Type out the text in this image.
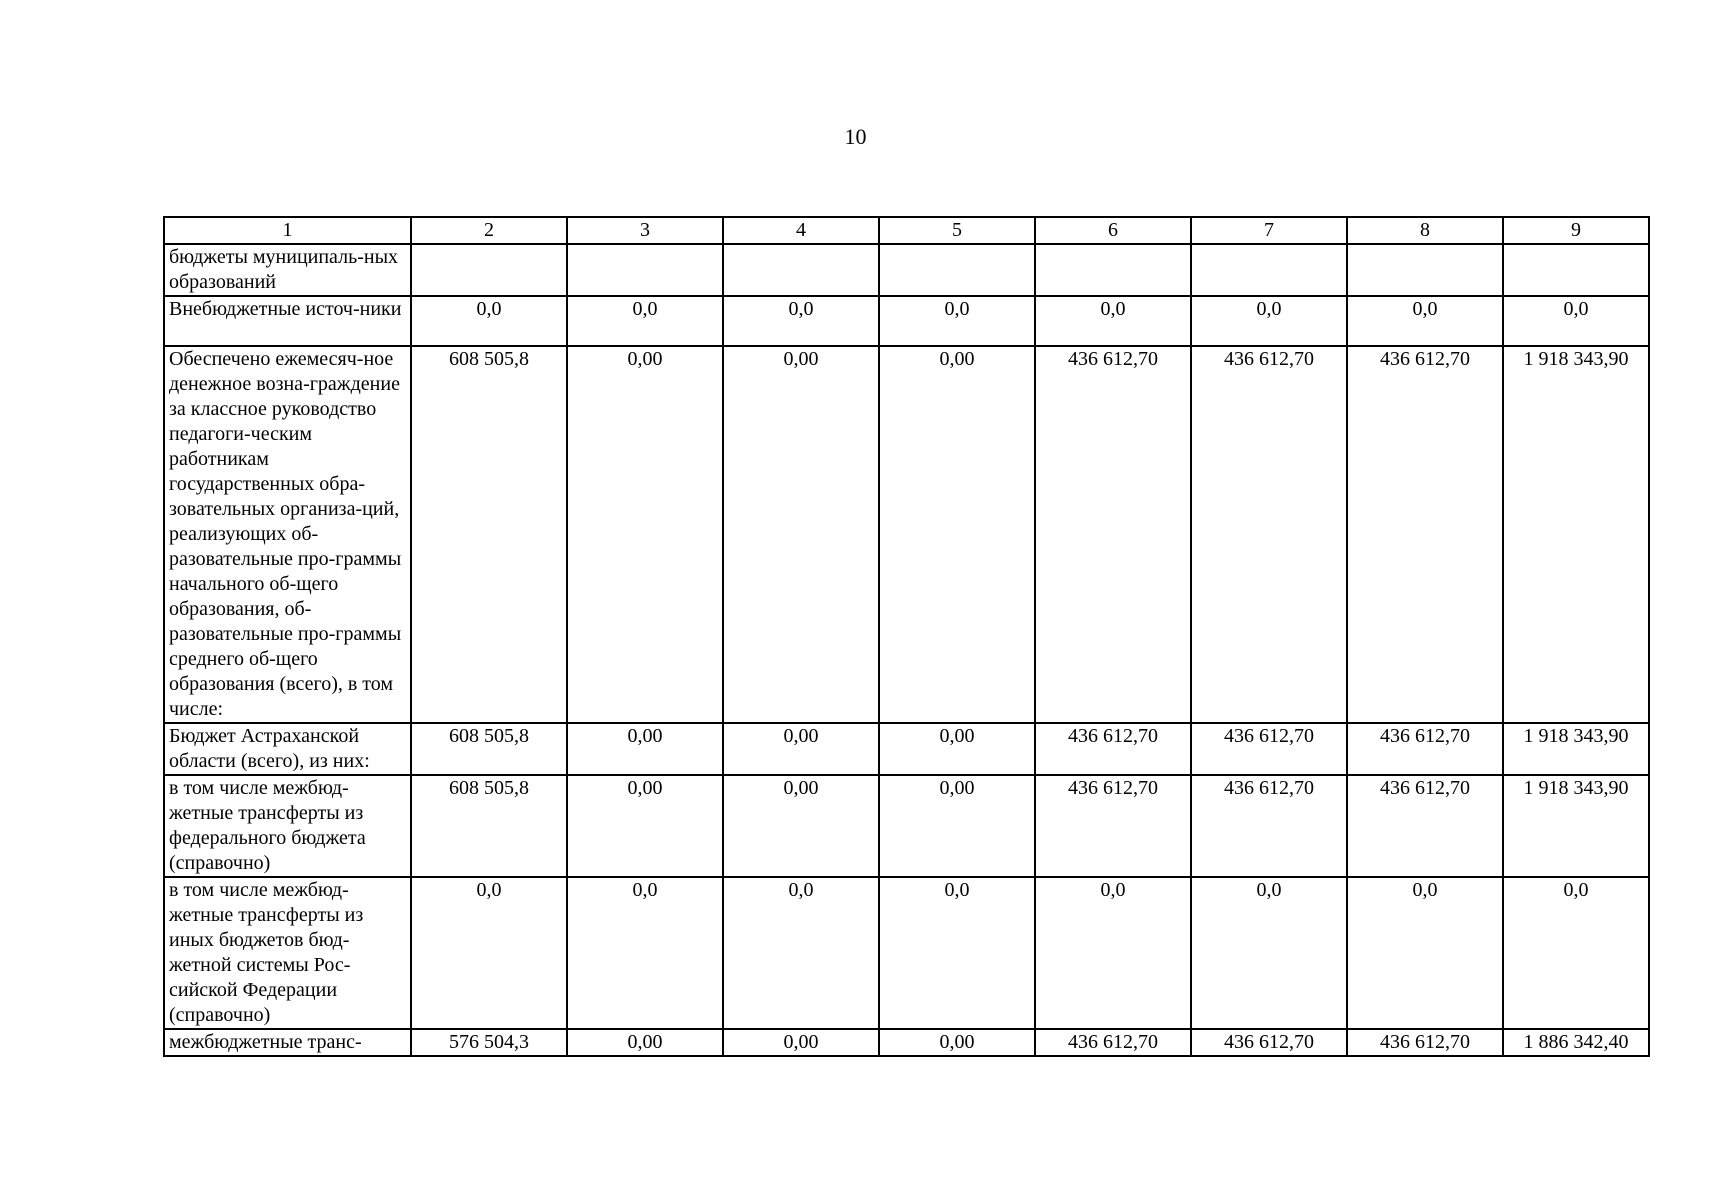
10
1	2	3	4	5	6	7	8	9
бюджеты муниципаль-ных образований								
Внебюджетные источ-ники	0,0	0,0	0,0	0,0	0,0	0,0	0,0	0,0
Обеспечено ежемесяч-ное денежное возна-граждение за классное руководство педагоги-ческим работникам государственных обра-зовательных организа-ций, реализующих об-разовательные про-граммы начального об-щего образования, об-разовательные про-граммы среднего об-щего образования (всего), в том числе:	608 505,8	0,00	0,00	0,00	436 612,70	436 612,70	436 612,70	1 918 343,90
Бюджет Астраханской области (всего), из них:	608 505,8	0,00	0,00	0,00	436 612,70	436 612,70	436 612,70	1 918 343,90
в том числе межбюд-жетные трансферты из федерального бюджета (справочно)	608 505,8	0,00	0,00	0,00	436 612,70	436 612,70	436 612,70	1 918 343,90
в том числе межбюд-жетные трансферты из иных бюджетов бюд-жетной системы Рос-сийской Федерации (справочно)	0,0	0,0	0,0	0,0	0,0	0,0	0,0	0,0
межбюджетные транс-	576 504,3	0,00	0,00	0,00	436 612,70	436 612,70	436 612,70	1 886 342,40
